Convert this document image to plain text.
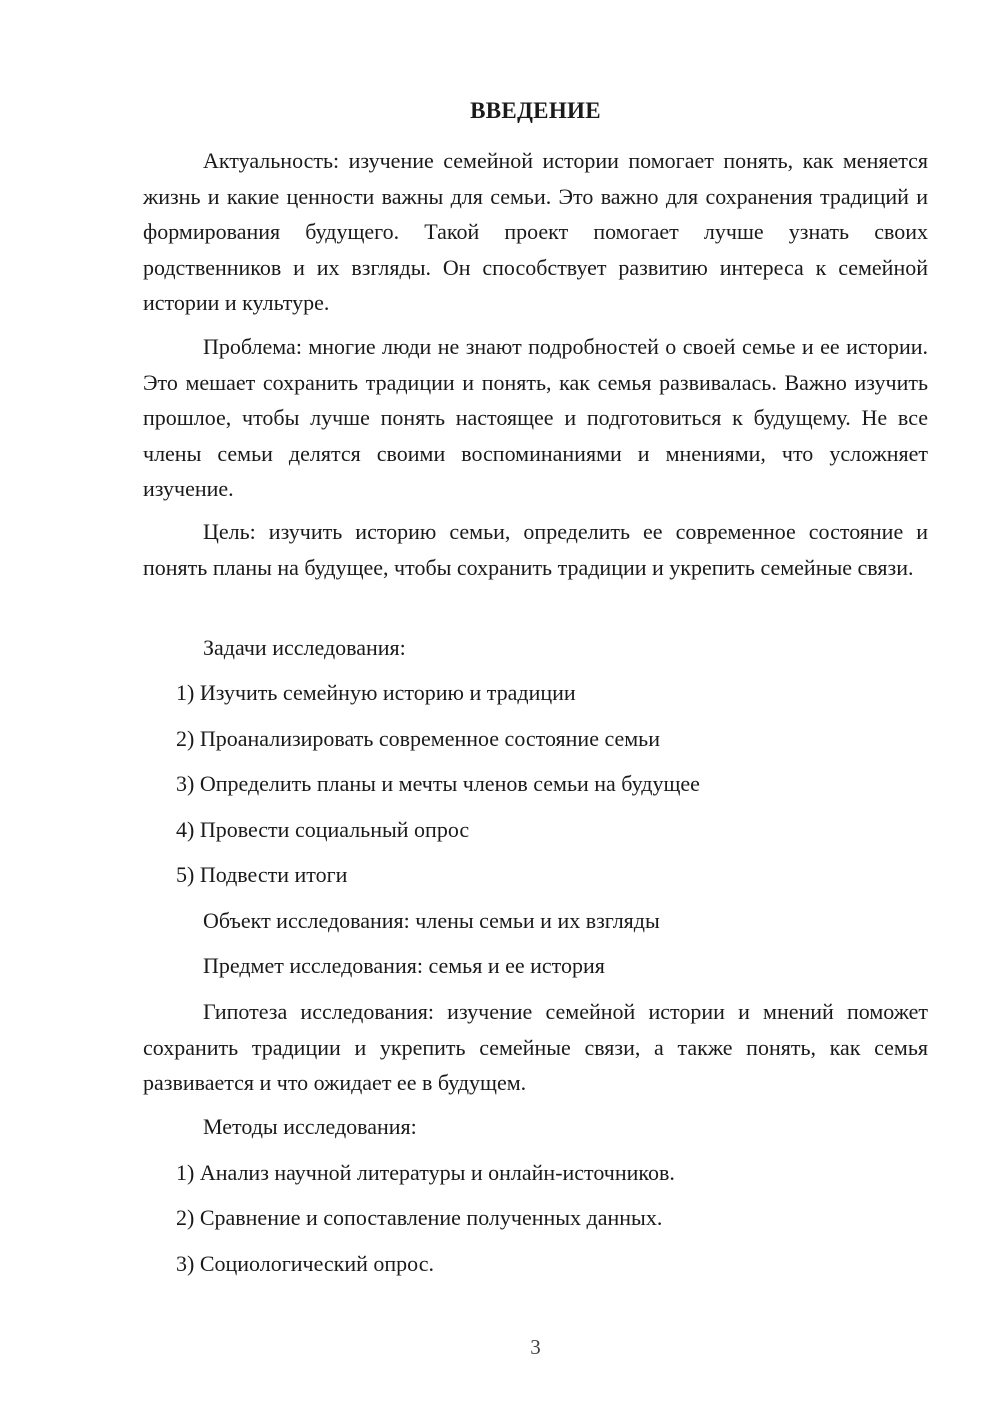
ВВЕДЕНИЕ

Актуальность: изучение семейной истории помогает понять, как меняется жизнь и какие ценности важны для семьи. Это важно для сохранения традиций и формирования будущего. Такой проект помогает лучше узнать своих родственников и их взгляды. Он способствует развитию интереса к семейной истории и культуре.

Проблема: многие люди не знают подробностей о своей семье и ее истории. Это мешает сохранить традиции и понять, как семья развивалась. Важно изучить прошлое, чтобы лучше понять настоящее и подготовиться к будущему. Не все члены семьи делятся своими воспоминаниями и мнениями, что усложняет изучение.

Цель: изучить историю семьи, определить ее современное состояние и понять планы на будущее, чтобы сохранить традиции и укрепить семейные связи.

Задачи исследования:

1) Изучить семейную историю и традиции

2) Проанализировать современное состояние семьи

3) Определить планы и мечты членов семьи на будущее

4) Провести социальный опрос

5) Подвести итоги

Объект исследования: члены семьи и их взгляды

Предмет исследования: семья и ее история

Гипотеза исследования: изучение семейной истории и мнений поможет сохранить традиции и укрепить семейные связи, а также понять, как семья развивается и что ожидает ее в будущем.

Методы исследования:

1) Анализ научной литературы и онлайн-источников.

2) Сравнение и сопоставление полученных данных.

3) Социологический опрос.

3
